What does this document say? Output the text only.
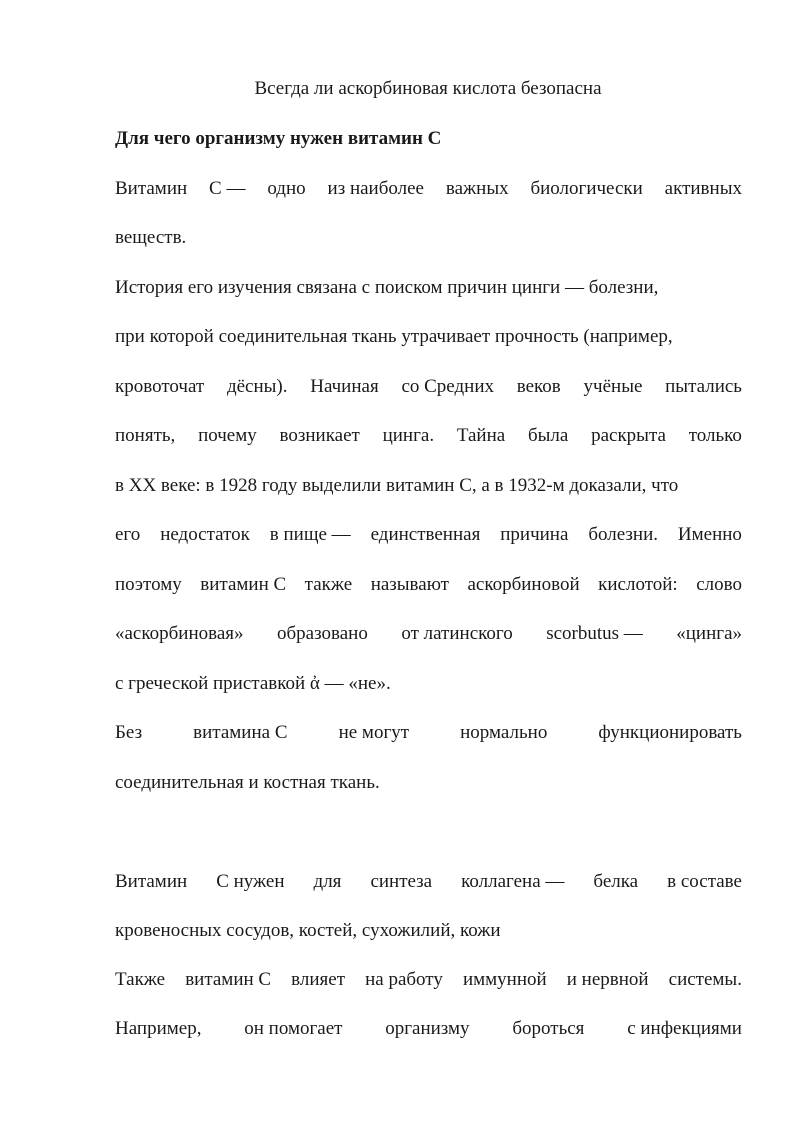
Всегда ли аскорбиновая кислота безопасна
Для чего организму нужен витамин С
Витамин С — одно из наиболее важных биологически активных
веществ.
История его изучения связана с поиском причин цинги — болезни,
при которой соединительная ткань утрачивает прочность (например,
кровоточат дёсны). Начиная со Средних веков учёные пытались
понять, почему возникает цинга. Тайна была раскрыта только
в XX веке: в 1928 году выделили витамин C, а в 1932-м доказали, что
его недостаток в пище — единственная причина болезни. Именно
поэтому витамин С также называют аскорбиновой кислотой: слово
«аскорбиновая» образовано от латинского scorbutus — «цинга»
с греческой приставкой ἀ — «не».
Без	витамина С	не могут	нормально	функционировать
соединительная и костная ткань.
Витамин С нужен для синтеза коллагена — белка в составе
кровеносных сосудов, костей, сухожилий, кожи
Также витамин С влияет на работу иммунной и нервной системы.
Например, он помогает организму бороться с инфекциями
